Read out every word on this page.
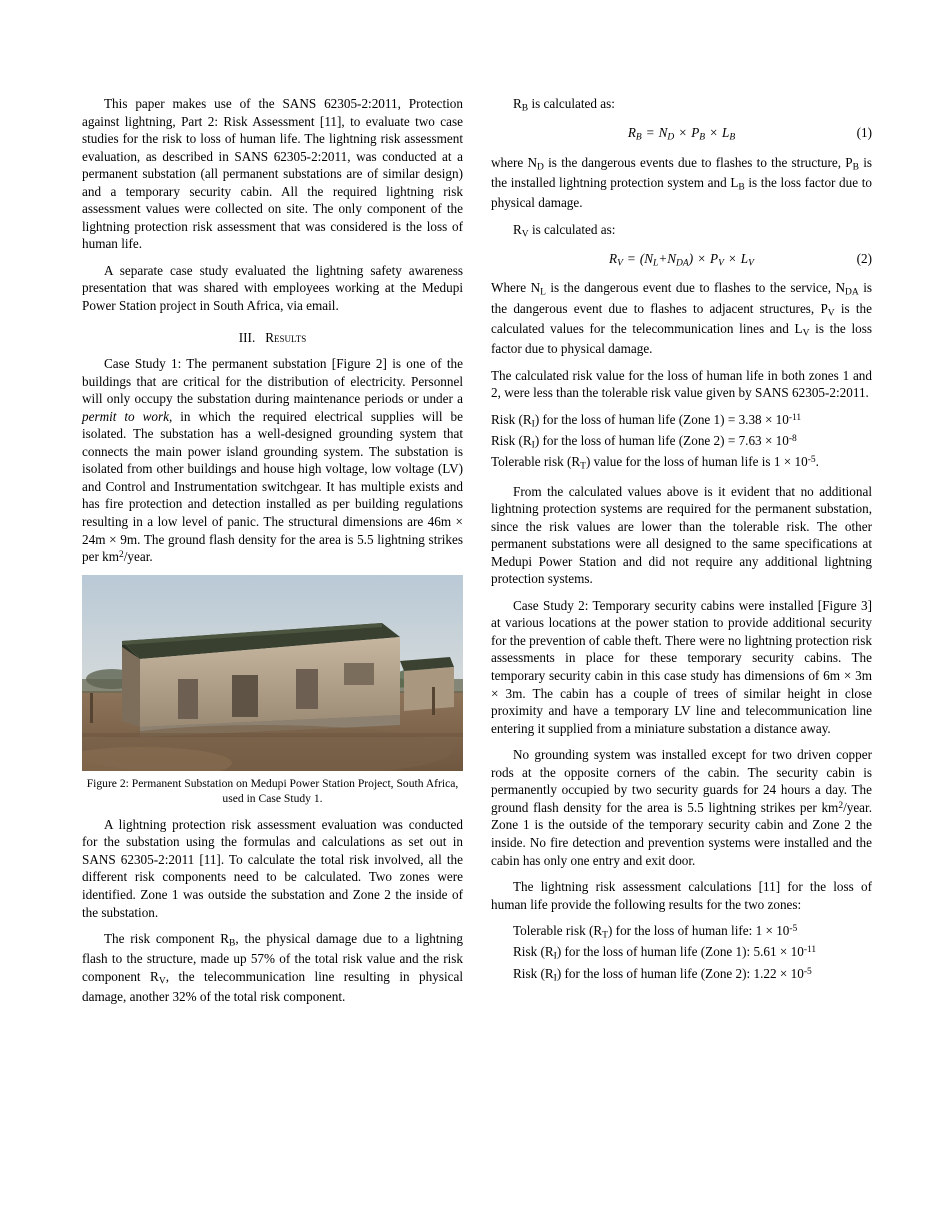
This paper makes use of the SANS 62305-2:2011, Protection against lightning, Part 2: Risk Assessment [11], to evaluate two case studies for the risk to loss of human life. The lightning risk assessment evaluation, as described in SANS 62305-2:2011, was conducted at a permanent substation (all permanent substations are of similar design) and a temporary security cabin. All the required lightning risk assessment values were collected on site. The only component of the lightning protection risk assessment that was considered is the loss of human life.

A separate case study evaluated the lightning safety awareness presentation that was shared with employees working at the Medupi Power Station project in South Africa, via email.

III. Results

Case Study 1: The permanent substation [Figure 2] is one of the buildings that are critical for the distribution of electricity. Personnel will only occupy the substation during maintenance periods or under a permit to work, in which the required electrical supplies will be isolated. The substation has a well-designed grounding system that connects the main power island grounding system. The substation is isolated from other buildings and house high voltage, low voltage (LV) and Control and Instrumentation switchgear. It has multiple exists and has fire protection and detection installed as per building regulations resulting in a low level of panic. The structural dimensions are 46m × 24m × 9m. The ground flash density for the area is 5.5 lightning strikes per $km^2$/year.

Figure 2: Permanent Substation on Medupi Power Station Project, South Africa, used in Case Study 1.

A lightning protection risk assessment evaluation was conducted for the substation using the formulas and calculations as set out in SANS 62305-2:2011 [11]. To calculate the total risk involved, all the different risk components need to be calculated. Two zones were identified. Zone 1 was outside the substation and Zone 2 the inside of the substation.

The risk component $R_B$, the physical damage due to a lightning flash to the structure, made up 57% of the total risk value and the risk component $R_V$, the telecommunication line resulting in physical damage, another 32% of the total risk component.

$R_B$ is calculated as:

$R_B = N_D \times P_B \times L_B$	(1)

where $N_D$ is the dangerous events due to flashes to the structure, $P_B$ is the installed lightning protection system and $L_B$ is the loss factor due to physical damage.

$R_V$ is calculated as:

$R_V = (N_L+N_{DA}) \times P_V \times L_V$	(2)

Where $N_L$ is the dangerous event due to flashes to the service, $N_{DA}$ is the dangerous event due to flashes to adjacent structures, $P_V$ is the calculated values for the telecommunication lines and $L_V$ is the loss factor due to physical damage.

The calculated risk value for the loss of human life in both zones 1 and 2, were less than the tolerable risk value given by SANS 62305-2:2011.

Risk $(R_I)$ for the loss of human life (Zone $1) = 3.38 \times 10^{-11}$

Risk $(R_I)$ for the loss of human life (Zone $2) = 7.63 \times 10^{-8}$

Tolerable risk $(R_T)$ value for the loss of human life is $1 \times 10^{-5}$.

From the calculated values above is it evident that no additional lightning protection systems are required for the permanent substation, since the risk values are lower than the tolerable risk. The other permanent substations were all designed to the same specifications at Medupi Power Station and did not require any additional lightning protection systems.

Case Study 2: Temporary security cabins were installed [Figure 3] at various locations at the power station to provide additional security for the prevention of cable theft. There were no lightning protection risk assessments in place for these temporary security cabins. The temporary security cabin in this case study has dimensions of 6m × 3m × 3m. The cabin has a couple of trees of similar height in close proximity and have a temporary LV line and telecommunication line entering it supplied from a miniature substation a distance away.

No grounding system was installed except for two driven copper rods at the opposite corners of the cabin. The security cabin is permanently occupied by two security guards for 24 hours a day. The ground flash density for the area is 5.5 lightning strikes per $km^2$/year. Zone 1 is the outside of the temporary security cabin and Zone 2 the inside. No fire detection and prevention systems were installed and the cabin has only one entry and exit door.

The lightning risk assessment calculations [11] for the loss of human life provide the following results for the two zones:

Tolerable risk $(R_T)$ for the loss of human life: $1 \times 10^{-5}$

Risk $(R_I)$ for the loss of human life (Zone 1): $5.61 \times 10^{-11}$

Risk $(R_I)$ for the loss of human life (Zone 2): $1.22 \times 10^{-5}$
